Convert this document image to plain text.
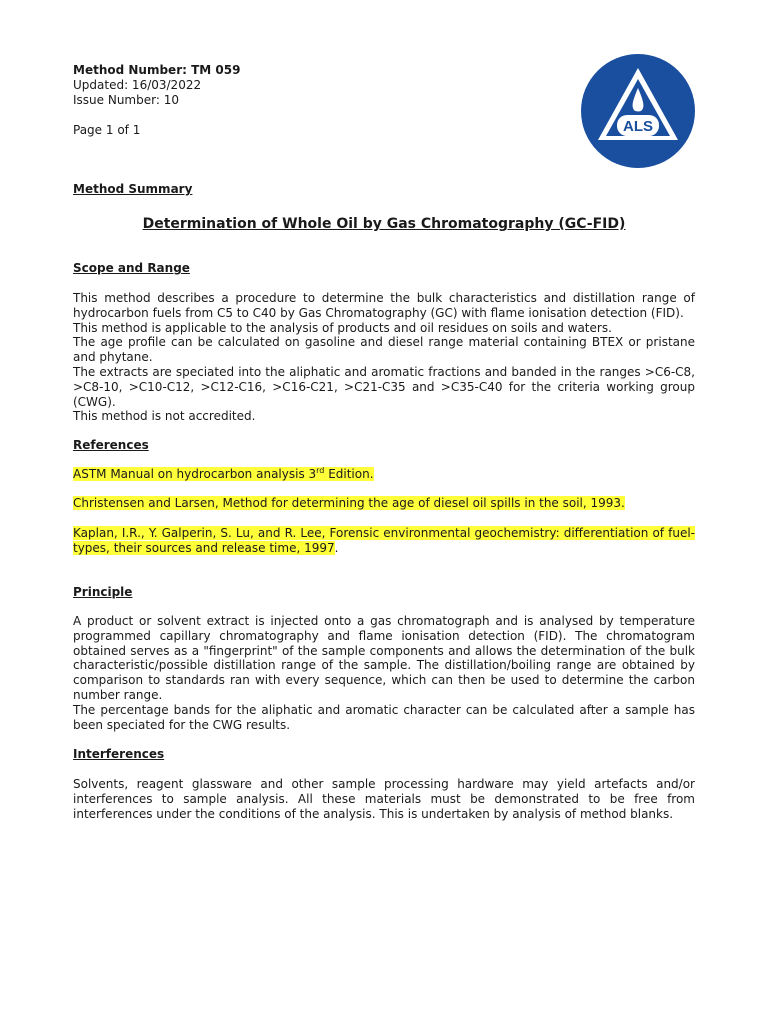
Method Number: TM 059
Updated: 16/03/2022
Issue Number: 10
Page 1 of 1	ALS
Method Summary
Determination of Whole Oil by Gas Chromatography (GC-FID)
Scope and Range

This method describes a procedure to determine the bulk characteristics and distillation range of hydrocarbon fuels from C5 to C40 by Gas Chromatography (GC) with flame ionisation detection (FID).

This method is applicable to the analysis of products and oil residues on soils and waters.

The age profile can be calculated on gasoline and diesel range material containing BTEX or pristane and phytane.

The extracts are speciated into the aliphatic and aromatic fractions and banded in the ranges >C6-C8, >C8-10, >C10-C12, >C12-C16, >C16-C21, >C21-C35 and >C35-C40 for the criteria working group (CWG).

This method is not accredited.

References
ASTM Manual on hydrocarbon analysis 3rd Edition.
Christensen and Larsen, Method for determining the age of diesel oil spills in the soil, 1993.
Kaplan, I.R., Y. Galperin, S. Lu, and R. Lee, Forensic environmental geochemistry: differentiation of fuel-types, their sources and release time, 1997.
Principle

A product or solvent extract is injected onto a gas chromatograph and is analysed by temperature programmed capillary chromatography and flame ionisation detection (FID). The chromatogram obtained serves as a "fingerprint" of the sample components and allows the determination of the bulk characteristic/possible distillation range of the sample. The distillation/boiling range are obtained by comparison to standards ran with every sequence, which can then be used to determine the carbon number range.

The percentage bands for the aliphatic and aromatic character can be calculated after a sample has been speciated for the CWG results.

Interferences

Solvents, reagent glassware and other sample processing hardware may yield artefacts and/or interferences to sample analysis. All these materials must be demonstrated to be free from interferences under the conditions of the analysis. This is undertaken by analysis of method blanks.
